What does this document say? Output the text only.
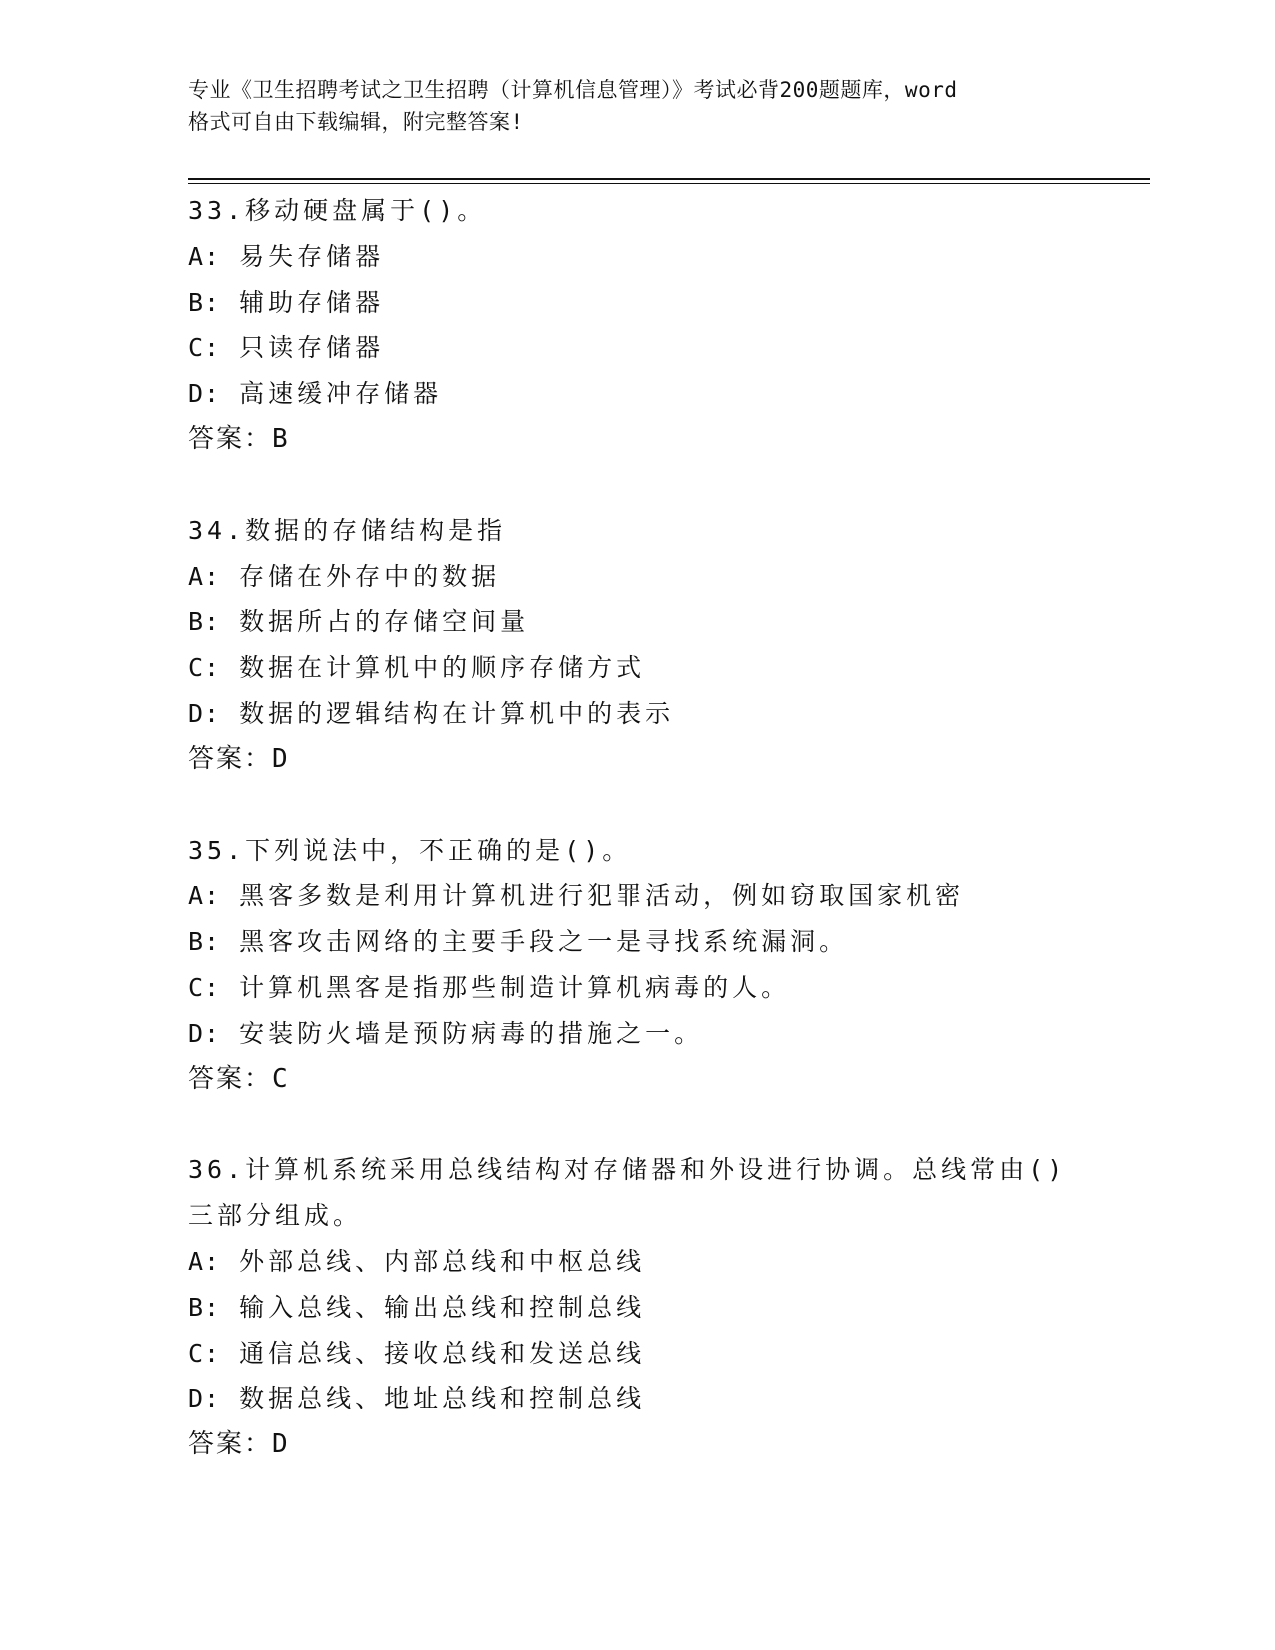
专业《卫生招聘考试之卫生招聘（计算机信息管理）》考试必背200题题库，word
格式可自由下载编辑，附完整答案!
33.移动硬盘属于()。
A: 易失存储器
B: 辅助存储器
C: 只读存储器
D: 高速缓冲存储器
答案：B
34.数据的存储结构是指
A: 存储在外存中的数据
B: 数据所占的存储空间量
C: 数据在计算机中的顺序存储方式
D: 数据的逻辑结构在计算机中的表示
答案：D
35.下列说法中，不正确的是()。
A: 黑客多数是利用计算机进行犯罪活动，例如窃取国家机密
B: 黑客攻击网络的主要手段之一是寻找系统漏洞。
C: 计算机黑客是指那些制造计算机病毒的人。
D: 安装防火墙是预防病毒的措施之一。
答案：C
36.计算机系统采用总线结构对存储器和外设进行协调。总线常由()三部分组成。
A: 外部总线、内部总线和中枢总线
B: 输入总线、输出总线和控制总线
C: 通信总线、接收总线和发送总线
D: 数据总线、地址总线和控制总线
答案：D
